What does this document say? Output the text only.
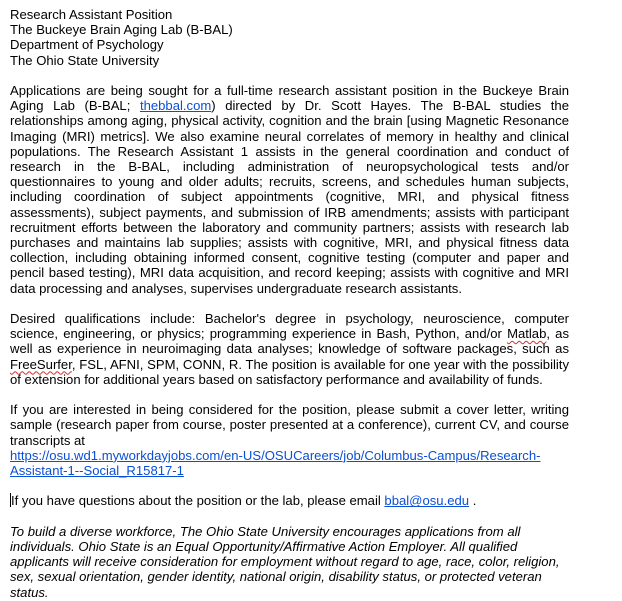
Research Assistant Position
The Buckeye Brain Aging Lab (B-BAL)
Department of Psychology
The Ohio State University

Applications are being sought for a full-time research assistant position in the Buckeye Brain Aging Lab (B-BAL; thebbal.com) directed by Dr. Scott Hayes. The B-BAL studies the relationships among aging, physical activity, cognition and the brain [using Magnetic Resonance Imaging (MRI) metrics]. We also examine neural correlates of memory in healthy and clinical populations. The Research Assistant 1 assists in the general coordination and conduct of research in the B-BAL, including administration of neuropsychological tests and/or questionnaires to young and older adults; recruits, screens, and schedules human subjects, including coordination of subject appointments (cognitive, MRI, and physical fitness assessments), subject payments, and submission of IRB amendments; assists with participant recruitment efforts between the laboratory and community partners; assists with research lab purchases and maintains lab supplies; assists with cognitive, MRI, and physical fitness data collection, including obtaining informed consent, cognitive testing (computer and paper and pencil based testing), MRI data acquisition, and record keeping; assists with cognitive and MRI data processing and analyses, supervises undergraduate research assistants.

Desired qualifications include: Bachelor's degree in psychology, neuroscience, computer science, engineering, or physics; programming experience in Bash, Python, and/or Matlab, as well as experience in neuroimaging data analyses; knowledge of software packages, such as FreeSurfer, FSL, AFNI, SPM, CONN, R. The position is available for one year with the possibility of extension for additional years based on satisfactory performance and availability of funds.

If you are interested in being considered for the position, please submit a cover letter, writing sample (research paper from course, poster presented at a conference), current CV, and course transcripts at

https://osu.wd1.myworkdayjobs.com/en-US/OSUCareers/job/Columbus-Campus/Research-
Assistant-1--Social_R15817-1

If you have questions about the position or the lab, please email bbal@osu.edu .

To build a diverse workforce, The Ohio State University encourages applications from all
individuals. Ohio State is an Equal Opportunity/Affirmative Action Employer. All qualified
applicants will receive consideration for employment without regard to age, race, color, religion,
sex, sexual orientation, gender identity, national origin, disability status, or protected veteran
status.
